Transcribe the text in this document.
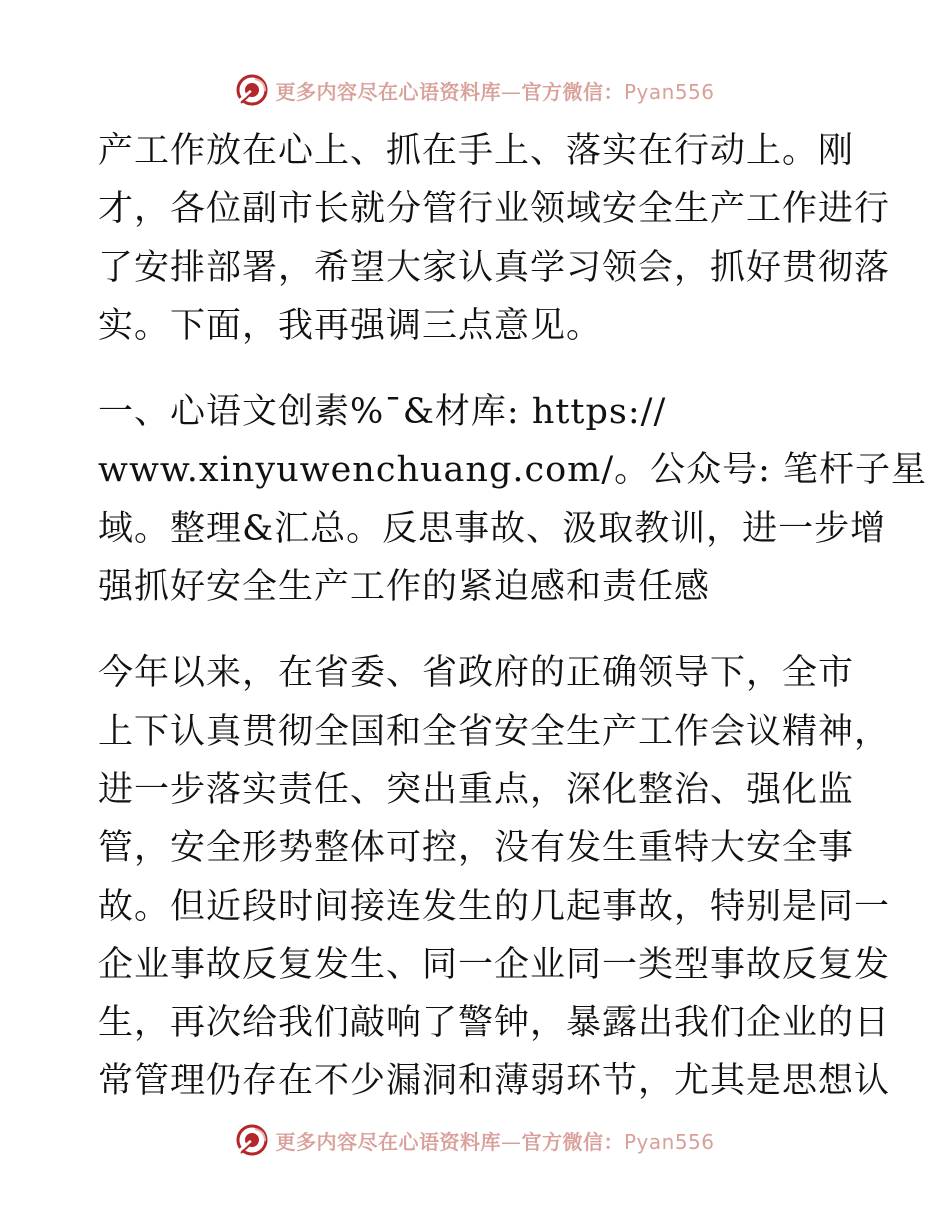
更多内容尽在心语资料库—官方微信：Pyan556
产工作放在心上、抓在手上、落实在行动上。刚
才，各位副市长就分管行业领域安全生产工作进行
了安排部署，希望大家认真学习领会，抓好贯彻落
实。下面，我再强调三点意见。
一、心语文创素%¯&材库: https://
www.xinyuwenchuang.com/。公众号: 笔杆子星
域。整理&汇总。反思事故、汲取教训，进一步增
强抓好安全生产工作的紧迫感和责任感
今年以来，在省委、省政府的正确领导下，全市
上下认真贯彻全国和全省安全生产工作会议精神，
进一步落实责任、突出重点，深化整治、强化监
管，安全形势整体可控，没有发生重特大安全事
故。但近段时间接连发生的几起事故，特别是同一
企业事故反复发生、同一企业同一类型事故反复发
生，再次给我们敲响了警钟，暴露出我们企业的日
常管理仍存在不少漏洞和薄弱环节，尤其是思想认
更多内容尽在心语资料库—官方微信：Pyan556
